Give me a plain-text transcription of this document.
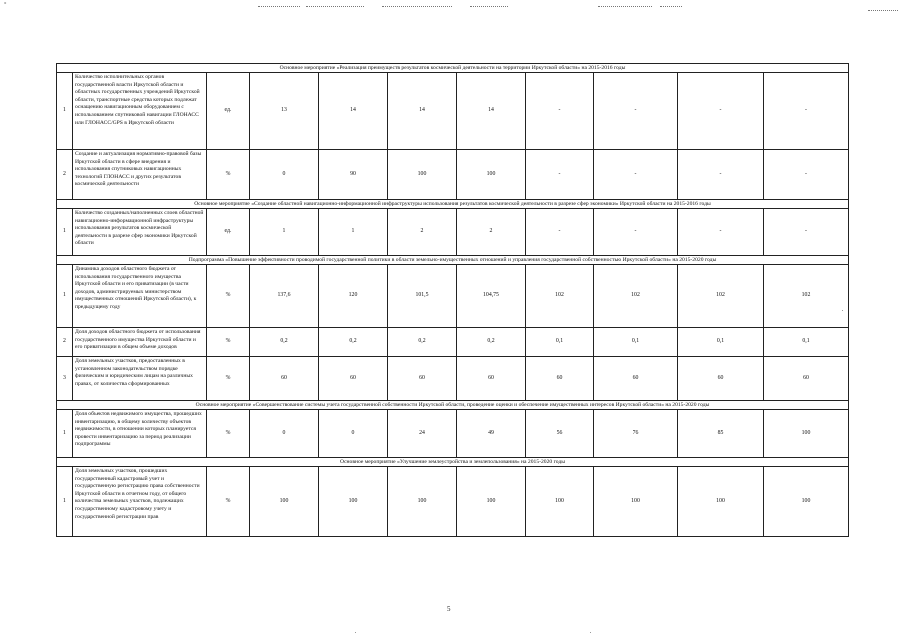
°
Основное мероприятие «Реализация преимуществ результатов космической деятельности на территории Иркутской области» на 2015-2016 годы										
1	Количество исполнительных органов государственной власти Иркутской области и областных государственных учреждений Иркутской области, транспортные средства которых подлежат оснащению навигационным оборудованием с использованием спутниковой навигации ГЛОНАСС или ГЛОНАСС/GPS в Иркутской области	ед.	13	14	14	14	-	-	-	-
2	Создание и актуализация нормативно-правовой базы Иркутской области в сфере внедрения и использования спутниковых навигационных технологий ГЛОНАСС и других результатов космической деятельности	%	0	90	100	100	-	-	-	-
Основное мероприятие «Создание областной навигационно-информационной инфраструктуры использования результатов космической деятельности в разрезе сфер экономики» Иркутской области на 2015-2016 годы										
1	Количество созданных/наполненных слоев областной навигационно-информационной инфраструктуры использования результатов космической деятельности в разрезе сфер экономики Иркутской области	ед.	1	1	2	2	-	-	-	-
Подпрограмма «Повышение эффективности проводимой государственной политики в области земельно-имущественных отношений и управления государственной собственностью Иркутской области» на 2015-2020 годы										
1	Динамика доходов областного бюджета от использования государственного имущества Иркутской области и его приватизации (в части доходов, администрируемых министерством имущественных отношений Иркутской области), к предыдущему году	%	137,6	120	101,5	104,75	102	102	102	102
2	Доля доходов областного бюджета от использования государственного имущества Иркутской области и его приватизации в общем объеме доходов	%	0,2	0,2	0,2	0,2	0,1	0,1	0,1	0,1
3	Доля земельных участков, предоставленных в установленном законодательством порядке физическим и юридическим лицам на различных правах, от количества сформированных	%	60	60	60	60	60	60	60	60
Основное мероприятие «Совершенствование системы учета государственной собственности Иркутской области, проведение оценки и обеспечение имущественных интересов Иркутской области» на 2015-2020 годы										
1	Доля объектов недвижимого имущества, прошедших инвентаризацию, в общему количеству объектов недвижимости, в отношении которых планируется провести инвентаризацию за период реализации подпрограммы	%	0	0	24	49	56	76	85	100
Основное мероприятие «Улучшение землеустройства и землепользования» на 2015-2020 годы										
1	Доля земельных участков, прошедших государственный кадастровый учет и государственную регистрацию права собственности Иркутской области в отчетном году, от общего количества земельных участков, подлежащих государственному кадастровому учету и государственной регистрации прав	%	100	100	100	100	100	100	100	100
5
